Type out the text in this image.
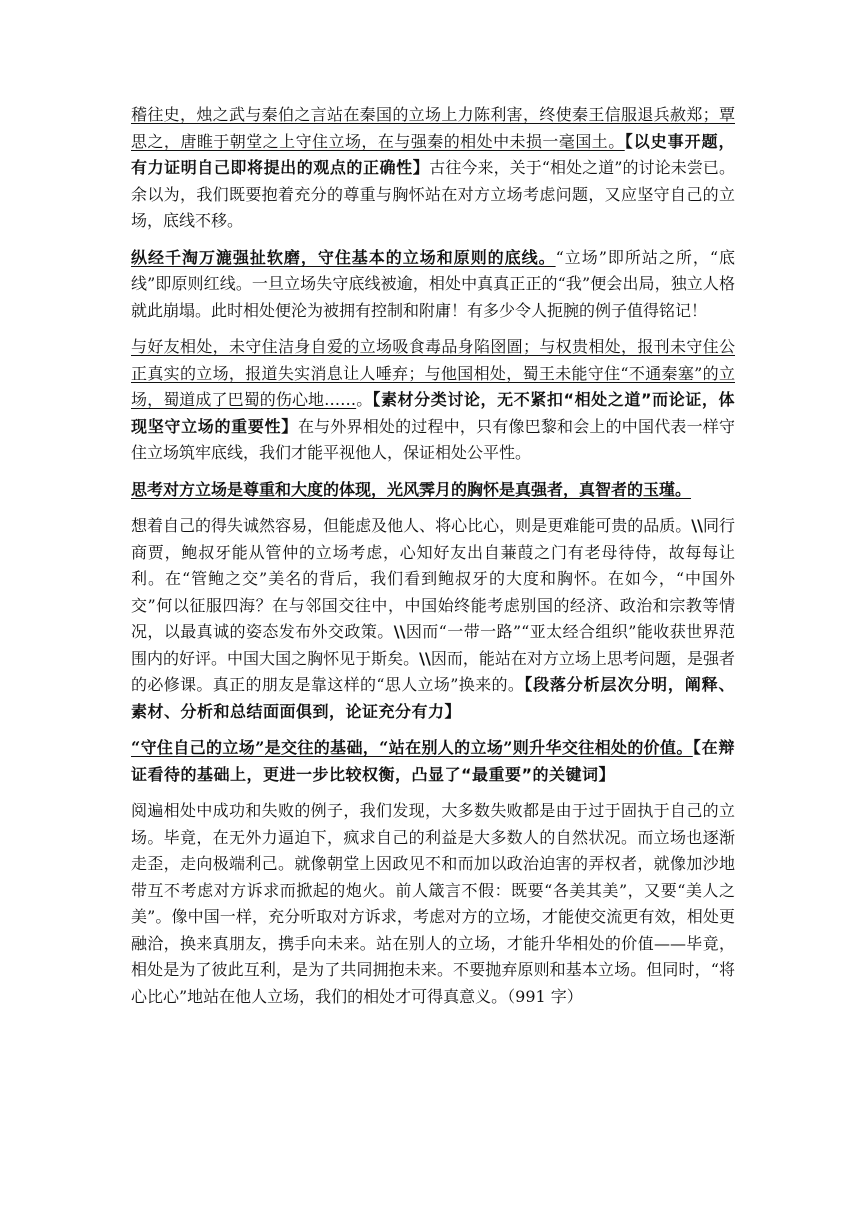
稽往史，烛之武与秦伯之言站在秦国的立场上力陈利害，终使秦王信服退兵赦郑；覃思之，唐睢于朝堂之上守住立场，在与强秦的相处中未损一毫国土。【以史事开题，有力证明自己即将提出的观点的正确性】古往今来，关于“相处之道”的讨论未尝已。余以为，我们既要抱着充分的尊重与胸怀站在对方立场考虑问题，又应坚守自己的立场，底线不移。

纵经千淘万漉强扯软磨，守住基本的立场和原则的底线。“立场”即所站之所，“底线”即原则红线。一旦立场失守底线被逾，相处中真真正正的“我”便会出局，独立人格就此崩塌。此时相处便沦为被拥有控制和附庸！有多少令人扼腕的例子值得铭记！

与好友相处，未守住洁身自爱的立场吸食毒品身陷囹圄；与权贵相处，报刊未守住公正真实的立场，报道失实消息让人唾弃；与他国相处，蜀王未能守住“不通秦塞”的立场，蜀道成了巴蜀的伤心地……。【素材分类讨论，无不紧扣“相处之道”而论证，体现坚守立场的重要性】在与外界相处的过程中，只有像巴黎和会上的中国代表一样守住立场筑牢底线，我们才能平视他人，保证相处公平性。

思考对方立场是尊重和大度的体现，光风霁月的胸怀是真强者，真智者的玉瑾。

想着自己的得失诚然容易，但能虑及他人、将心比心，则是更难能可贵的品质。\\同行商贾，鲍叔牙能从管仲的立场考虑，心知好友出自蒹葭之门有老母待侍，故每每让利。在“管鲍之交”美名的背后，我们看到鲍叔牙的大度和胸怀。在如今，“中国外交”何以征服四海？在与邻国交往中，中国始终能考虑别国的经济、政治和宗教等情况，以最真诚的姿态发布外交政策。\\因而“一带一路”“亚太经合组织”能收获世界范围内的好评。中国大国之胸怀见于斯矣。\\因而，能站在对方立场上思考问题，是强者的必修课。真正的朋友是靠这样的“思人立场”换来的。【段落分析层次分明，阐释、素材、分析和总结面面俱到，论证充分有力】

“守住自己的立场”是交往的基础，“站在别人的立场”则升华交往相处的价值。【在辩证看待的基础上，更进一步比较权衡，凸显了“最重要”的关键词】

阅遍相处中成功和失败的例子，我们发现，大多数失败都是由于过于固执于自己的立场。毕竟，在无外力逼迫下，疯求自己的利益是大多数人的自然状况。而立场也逐渐走歪，走向极端利己。就像朝堂上因政见不和而加以政治迫害的弄权者，就像加沙地带互不考虑对方诉求而掀起的炮火。前人箴言不假：既要“各美其美”，又要“美人之美”。像中国一样，充分听取对方诉求，考虑对方的立场，才能使交流更有效，相处更融洽，换来真朋友，携手向未来。站在别人的立场，才能升华相处的价值——毕竟，相处是为了彼此互利，是为了共同拥抱未来。不要抛弃原则和基本立场。但同时，“将心比心”地站在他人立场，我们的相处才可得真意义。（991 字）
